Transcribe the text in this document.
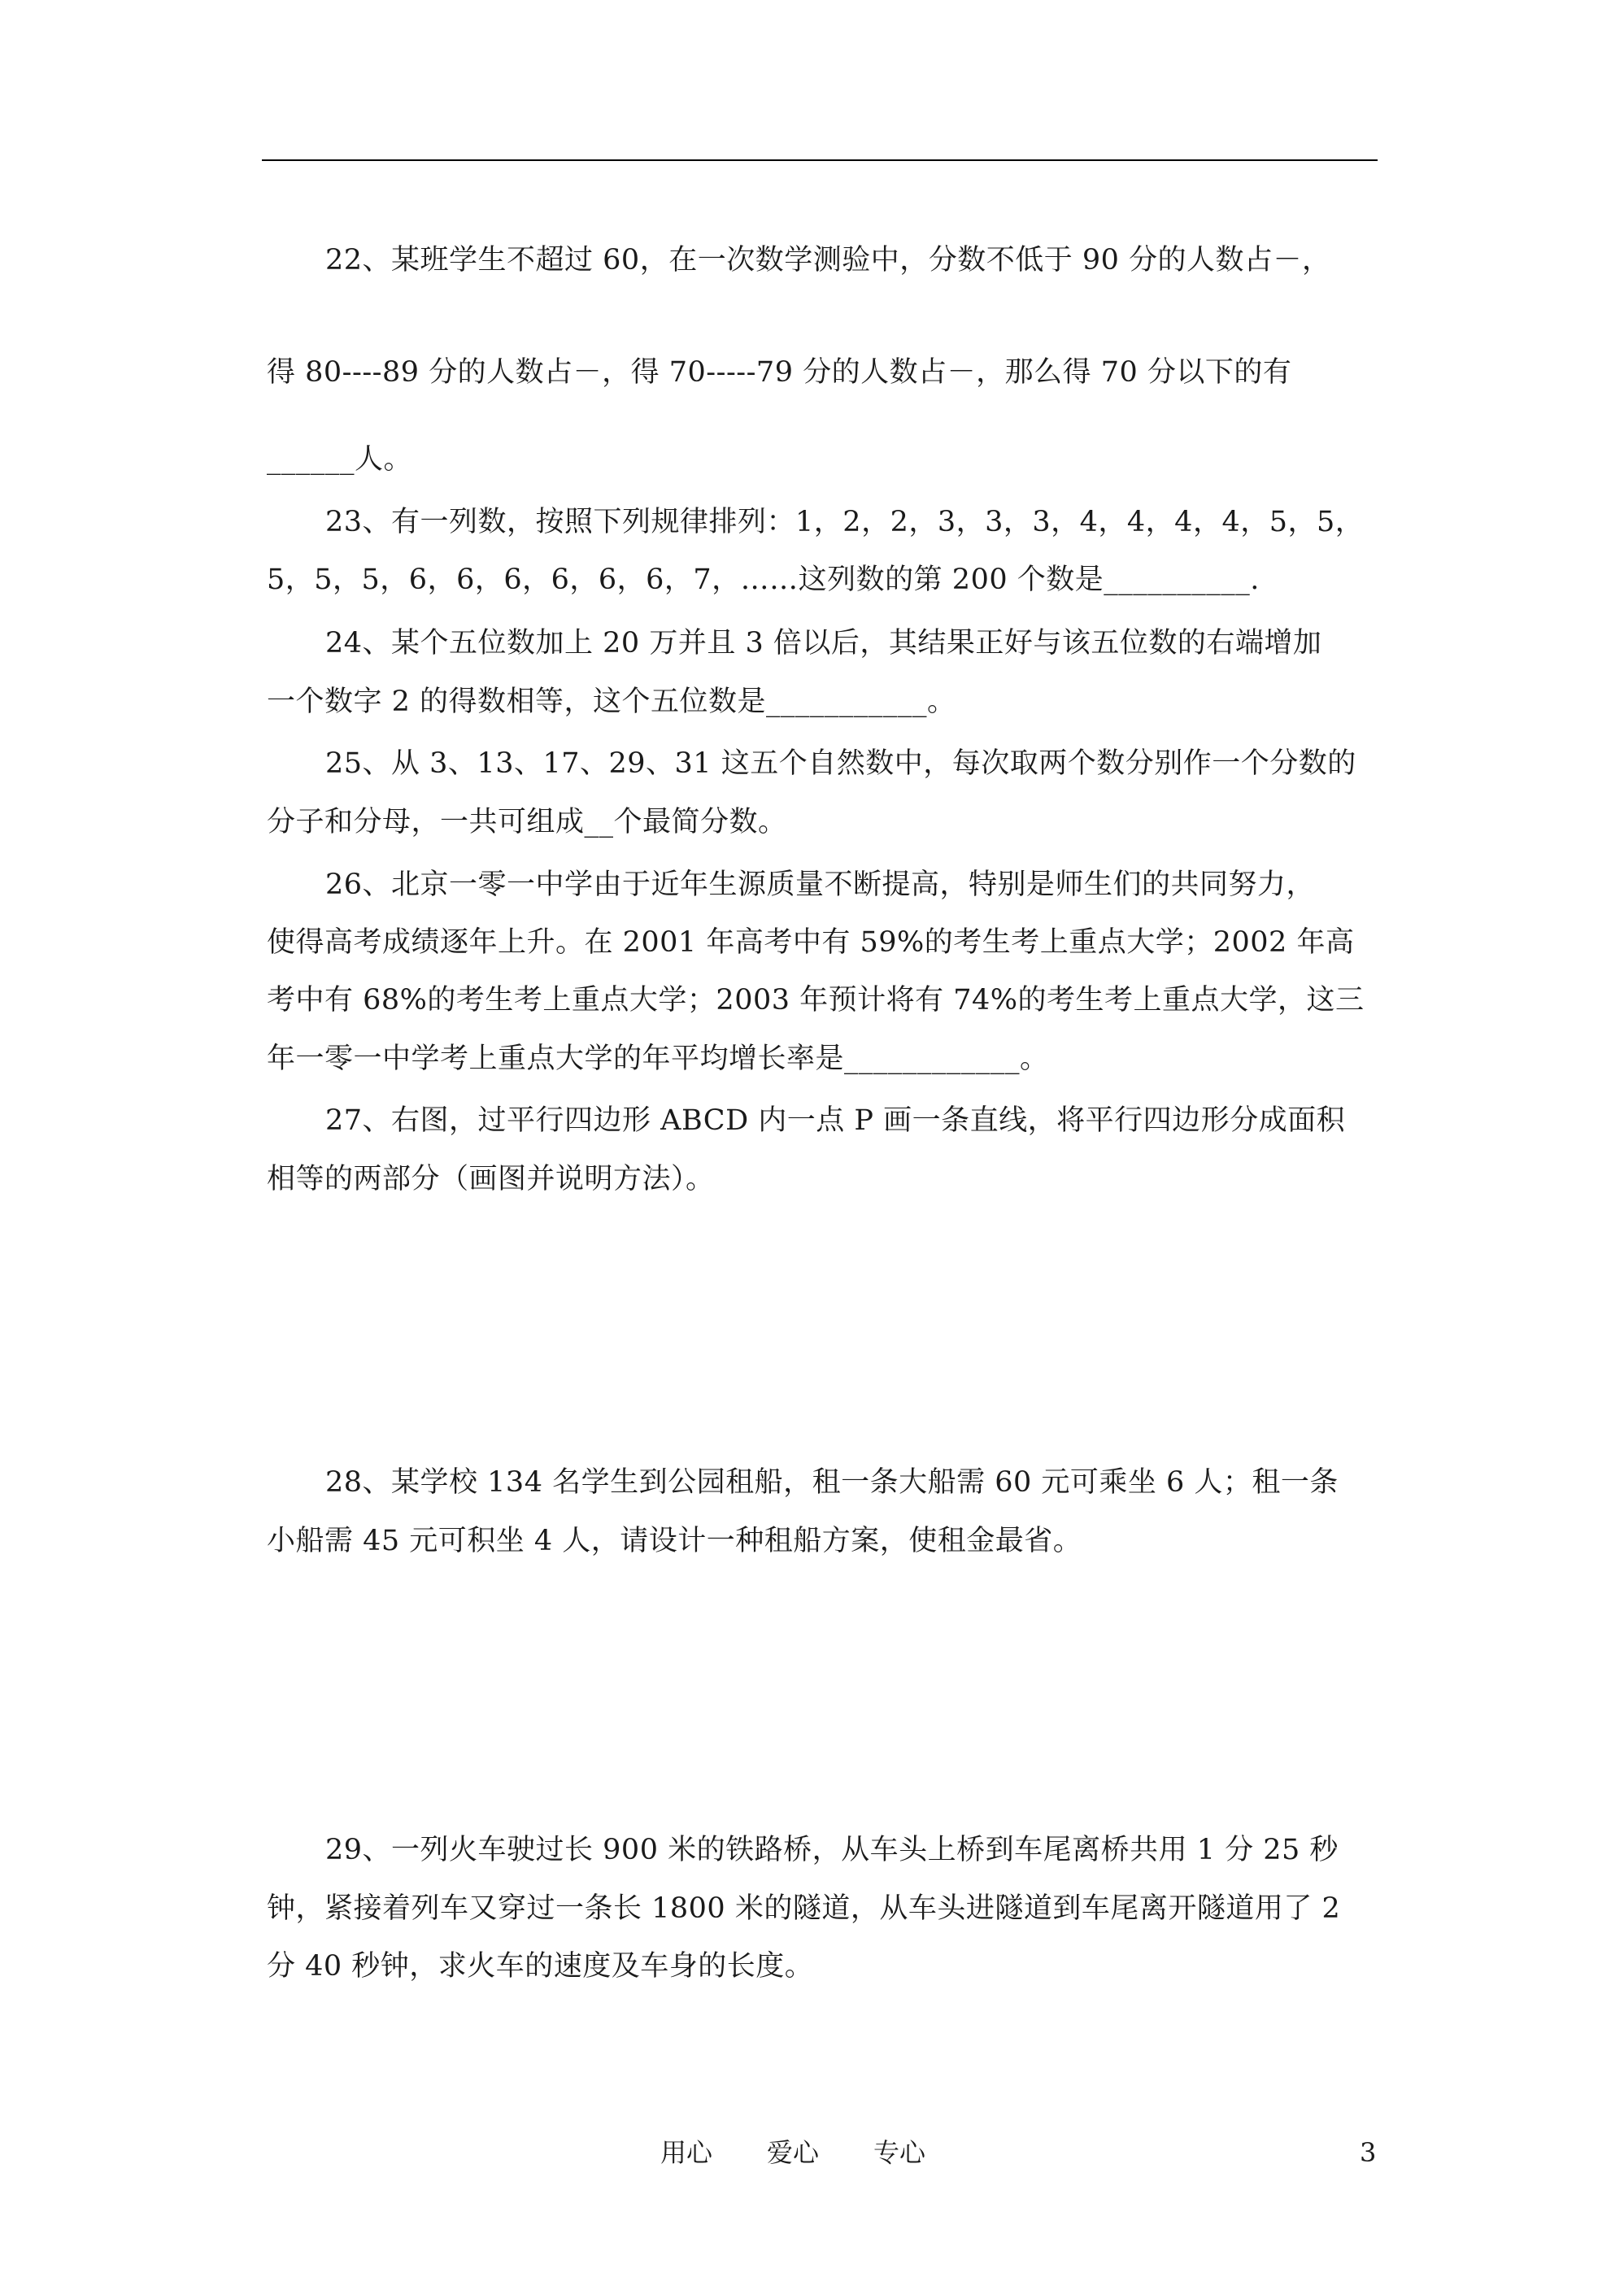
22、某班学生不超过 60，在一次数学测验中，分数不低于 90 分的人数占－，
得 80----89 分的人数占－，得 70-----79 分的人数占－，那么得 70 分以下的有
______人。
23、有一列数，按照下列规律排列：1，2，2，3，3，3，4，4，4，4，5，5，
5，5，5，6，6，6，6，6，6，7，……这列数的第 200 个数是__________.
24、某个五位数加上 20 万并且 3 倍以后，其结果正好与该五位数的右端增加
一个数字 2 的得数相等，这个五位数是___________。
25、从 3、13、17、29、31 这五个自然数中，每次取两个数分别作一个分数的
分子和分母，一共可组成__个最简分数。
26、北京一零一中学由于近年生源质量不断提高，特别是师生们的共同努力，
使得高考成绩逐年上升。在 2001 年高考中有 59%的考生考上重点大学；2002 年高
考中有 68%的考生考上重点大学；2003 年预计将有 74%的考生考上重点大学，这三
年一零一中学考上重点大学的年平均增长率是____________。
27、右图，过平行四边形 ABCD 内一点 P 画一条直线，将平行四边形分成面积
相等的两部分（画图并说明方法）。
28、某学校 134 名学生到公园租船，租一条大船需 60 元可乘坐 6 人；租一条
小船需 45 元可积坐 4 人，请设计一种租船方案，使租金最省。
29、一列火车驶过长 900 米的铁路桥，从车头上桥到车尾离桥共用 1 分 25 秒
钟，紧接着列车又穿过一条长 1800 米的隧道，从车头进隧道到车尾离开隧道用了 2
分 40 秒钟，求火车的速度及车身的长度。
用心 爱心 专心	3
